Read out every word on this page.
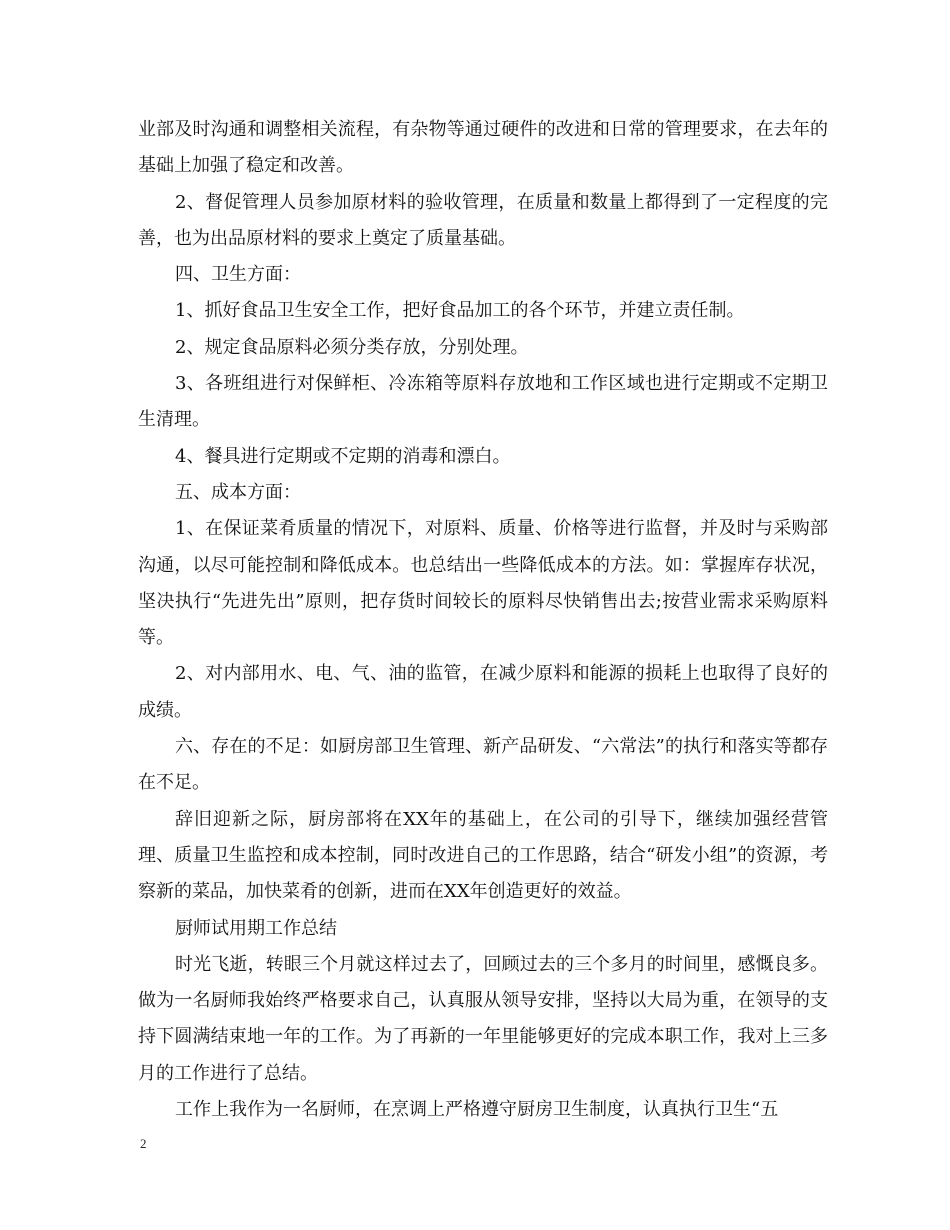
业部及时沟通和调整相关流程，有杂物等通过硬件的改进和日常的管理要求，在去年的基础上加强了稳定和改善。

2、督促管理人员参加原材料的验收管理，在质量和数量上都得到了一定程度的完善，也为出品原材料的要求上奠定了质量基础。

四、卫生方面：

1、抓好食品卫生安全工作，把好食品加工的各个环节，并建立责任制。

2、规定食品原料必须分类存放，分别处理。

3、各班组进行对保鲜柜、冷冻箱等原料存放地和工作区域也进行定期或不定期卫生清理。

4、餐具进行定期或不定期的消毒和漂白。

五、成本方面：

1、在保证菜肴质量的情况下，对原料、质量、价格等进行监督，并及时与采购部沟通，以尽可能控制和降低成本。也总结出一些降低成本的方法。如：掌握库存状况，坚决执行“先进先出”原则，把存货时间较长的原料尽快销售出去;按营业需求采购原料等。

2、对内部用水、电、气、油的监管，在减少原料和能源的损耗上也取得了良好的成绩。

六、存在的不足：如厨房部卫生管理、新产品研发、“六常法”的执行和落实等都存在不足。

辞旧迎新之际，厨房部将在XX年的基础上，在公司的引导下，继续加强经营管理、质量卫生监控和成本控制，同时改进自己的工作思路，结合“研发小组”的资源，考察新的菜品，加快菜肴的创新，进而在XX年创造更好的效益。

厨师试用期工作总结

时光飞逝，转眼三个月就这样过去了，回顾过去的三个多月的时间里，感慨良多。做为一名厨师我始终严格要求自己，认真服从领导安排，坚持以大局为重，在领导的支持下圆满结束地一年的工作。为了再新的一年里能够更好的完成本职工作，我对上三多月的工作进行了总结。

工作上我作为一名厨师，在烹调上严格遵守厨房卫生制度，认真执行卫生“五

2
